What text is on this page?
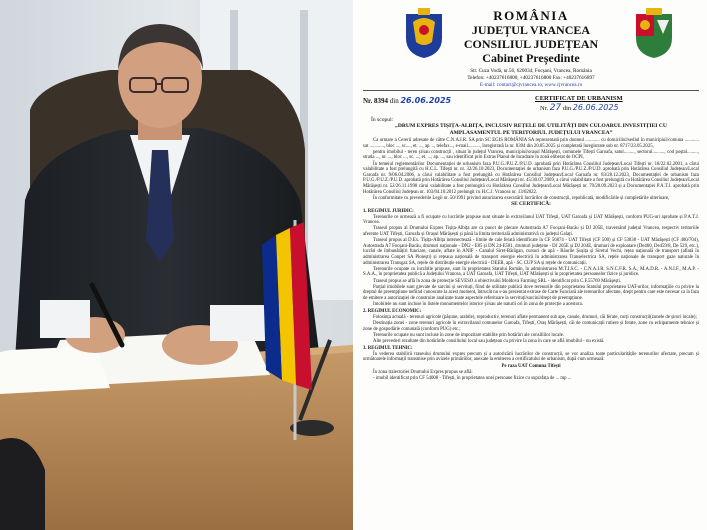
ROMÂNIA
JUDEȚUL VRANCEA
CONSILIUL JUDEȚEAN
Cabinet Președinte
Str. Cuza Vodă, nr.56, 620034, Focșani, Vrancea, România
Telefon: +40237616800, +40237616800 Fax: +40237616897
E-mail: contact@cjvrancea.ro, www.cjvrancea.ro
Nr. 8394 din 26.06.2025	CERTIFICAT DE URBANISM
Nr. 27 din 26.06.2025
În scopul:
„DRUM EXPRES TIȘIȚA-ALBIȚA, INCLUSIV REȚELE DE UTILITĂȚI DIN CULOARUL INVESTIȚIEI CU AMPLASAMENTUL PE TERITORIUL JUDEȚULUI VRANCEA”

Ca urmare a Cererii adresate de către C.N.A.I.R. SA prin SC EGIS ROMÂNIA SA reprezentată prin domnul ............ cu domiciliul/sediul în municipiul/comuna ............ sat ............, bloc ..., sc...., et. ..., ap. .., telefax..., e-mail.........., înregistrată la nr. 8394 din 20.05.2025 și completată înregistrate sub nr. 8717/23.05.2025,

pentru imobilul - teren și/sau construcții , situat în județul Vrancea, municipiul/orașul Mărășești, comunele Tifești Garoafa, satul........., sectorul.........., cod poștal........., strada ..., nr. ..., bloc ..., sc. ..., et. ..., ap. ..., sau identificat prin Extras Planul de încadrare în zonă eliberat de OCPI,

În temeiul reglementărilor Documentației de urbanism faza P.U.G./P.U.Z./P.U.D. aprobată prin Hotărârea Consiliul Județean/Local Tifești nr. 18/22.02.2001, a cărui valabilitate a fost prelungită cu H.C.L. Tifești nr. nr. 32/26.10.2023, Documentației de urbanism faza P.U.G./P.U.Z./P.U.D. aprobată prin Hotărârea Consiliul Județean/Local Garoafa nr. 9/06.04.2006, a cărui valabilitate a fost prelungită cu Hotărârea Consiliul Județean/Local Garoafa nr. 83/28.12.2023, Documentației de urbanism faza P.U.G./P.U.Z./P.U.D. aprobată prin Hotărârea Consiliul Județean/Local Mărășești nr. 45/30.07.2009, a cărui valabilitate a fost prelungită cu Hotărârea Consiliul Județean/Local Mărășești nr. 52/26.11.1998 cărui valabilitate a fost prelungită cu Hotărârea Consiliul Județean/Local Mărășești nr. 79/28.09.2023 și a Documentației P.A.T.J. aprobată prin Hotărârea Consiliul Județean nr. 103/04.10.2012 prelungit cu H.C.J. Vrancea nr. 13/02022.

În conformitate cu prevederile Legii nr. 50/1991 privind autorizarea executării lucrărilor de construcții, republicată, modificările și completările ulterioare,

SE CERTIFICĂ:

1. REGIMUL JURIDIC:

Terenurile ce urmează a fi ocupate cu lucrările propuse sunt situate în extravilanul UAT Tifești, UAT Garoafa și UAT Mărășești, conform PUG-uri aprobate și P.A.T.J. Vrancea.

Traseul propus al Drumului Expres Tișița-Albița are ca punct de plecare Autostrada A7 Focșani-Bacău și DJ 205E, traversând județul Vrancea, respectiv teritoriile aferente UAT Tifești, Garoafa și Orașul Mărășești și până la limita teritorială administrativă cu județul Galați.

Traseul propus al D.Ex. Tișița-Albița intersectează - limite de cale ferată identificate în CF 56874 - UAT Tifești (CF 500) și CF 53838 - UAT Mărășești (CF 400/704), Autostrada A7 Focșani-Bacău, drumuri naționale - DN2 - E85 și DN 24-E581, drumuri județene - DJ 205E și DJ 204E, drumuri de exploatare (De460, De459/8, De 529, etc.), lucrări de îmbunătățiri funciare, canale, aflate în ANIF - Canalul Siret-Bărăgan, cursuri de apă - Râurile Șușița și Siretul Vechi, rețea națională de transport (aflată în administrarea Conpet SA Ploiești) și rețeaua națională de transport energie electrică în administrarea Transelectrica SA, rețele naționale de transport gaze naturale în administrarea Transgaz SA, rețele de distribuție energie electrică - DEER, apă - SC CUP SA și rețele de comunicații.

Terenurile ocupate cu lucrările propuse, sunt în proprietatea Statului Român, în administrarea M.T.I.S.C. - C.N.A.I.R. S.N.C.F.R. S.A., M.A.D.R. - A.N.I.F., M.A.P. - S.A.A., în proprietatea publică a Județului Vrancea, a UAT Garoafa, UAT Tifești, UAT Mărășești și în proprietatea persoanelor fizice și juridice.

Traseul propus se află în zona de protecție SEVESO a obiectivului Moldova Farming SRL - identificat prin C.F.55769 Mărășești.

Parțial imobilele sunt grevate de sarcini și servituți, fiind de utilitate publică dove terenurile din proprietatea Statului proprietatea UAT-urilor, informațiile cu privire la dreptul de preempțiune nefiind cunoscute la acest moment, întrucât nu s-au prezentat extrase de Carte Funciară ale terenurilor afectate, drept pentru care este necesar ca la faza de emitere a autorizației de construire analizate toate aspectele referitoare la servituți/sarcini/drept de preempțiune.

Imobilele nu sunt incluse în listele monumentelor istorice și/sau ale naturii ori în zona de protecție a acestora.

2. REGIMUL ECONOMIC:

Folosința actuală - terenuri agricole (pășune, arabile), reproductiv, terenuri aflate permanent sub ape, canale, drumuri, căi ferate, curți construcții(zonele de șiruri locale);

Destinația zonei - zone terenuri agricole în extravilanul comunelor Garoafa, Tifești, Oraș Mărășești, căi de comunicații rutiere și ferate, zone cu echipamente tehnice și zone de gospodărie comunală (conform PUG) etc.;

Terenurile ocupate nu sunt incluse în zone de impozitare stabilite prin hotărâri ale consiliilor locale.

Alte prevederi rezultate din hotărârile consiliului local sau județean cu privire la zona în care se află imobilul - nu există.

3. REGIMUL TEHNIC:

În vederea stabilirii traseului drumului expres precum și a autorizării lucrărilor de construcții, se vor analiza toate particularitățile terenurilor afectate, precum și următoarele informații transmise prin avizele primăriilor, anexate la emiterea a certificatului de urbanism, după cum urmează:

Pe raza UAT Comuna Tifești

În zona traiectoriei Drumului Expres propus se află:

- imobil identificat prin CF 54008 - Tifești, în proprietatea unei persoane fizice cu suprafața de ... mp ...
